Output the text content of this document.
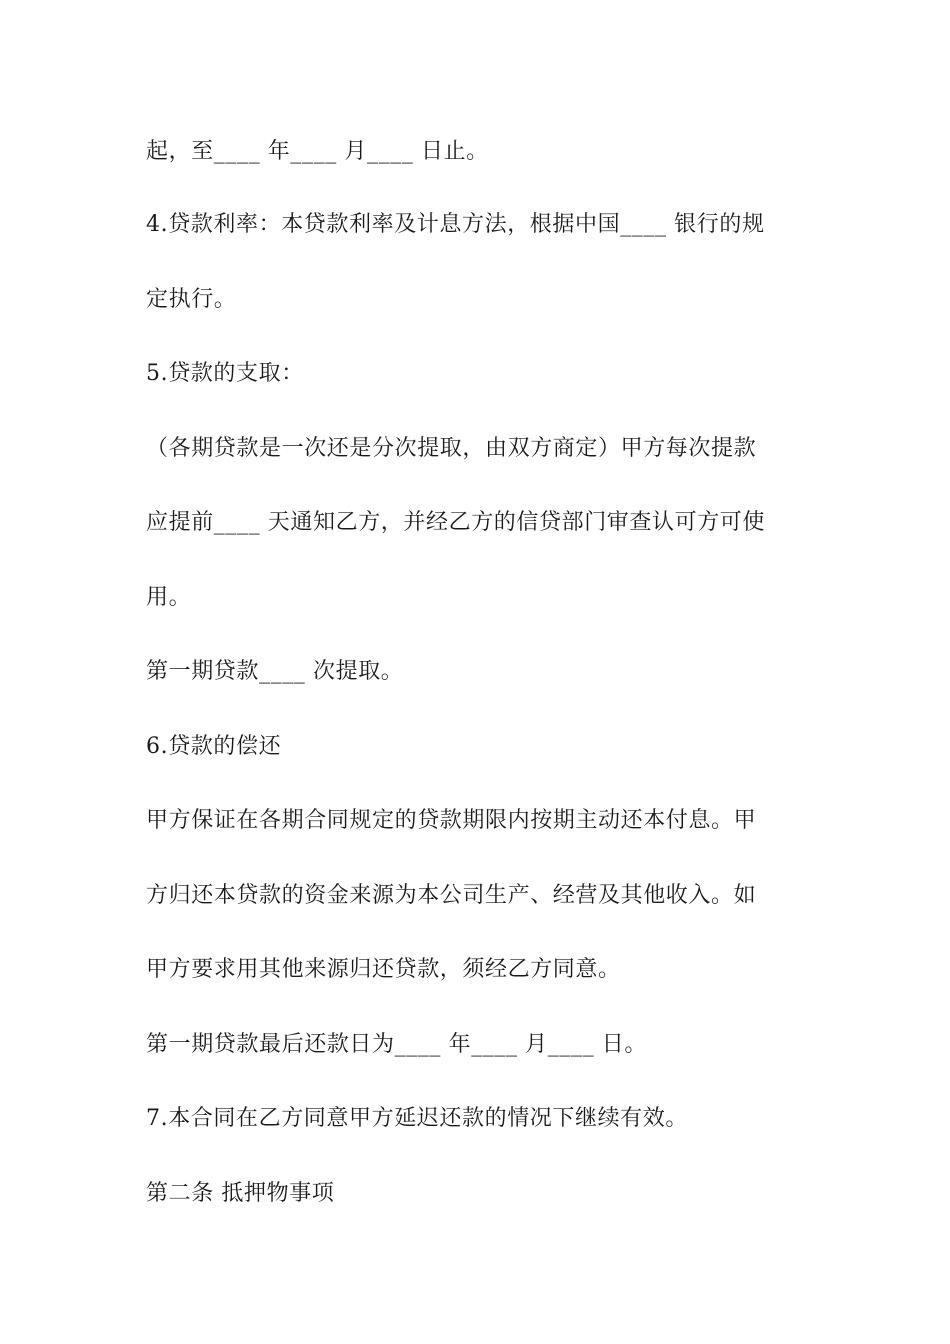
起，至____ 年____ 月____ 日止。
4.贷款利率：本贷款利率及计息方法，根据中国____ 银行的规
定执行。
5.贷款的支取：
（各期贷款是一次还是分次提取，由双方商定）甲方每次提款
应提前____ 天通知乙方，并经乙方的信贷部门审查认可方可使
用。
第一期贷款____ 次提取。
6.贷款的偿还
甲方保证在各期合同规定的贷款期限内按期主动还本付息。甲
方归还本贷款的资金来源为本公司生产、经营及其他收入。如
甲方要求用其他来源归还贷款，须经乙方同意。
第一期贷款最后还款日为____ 年____ 月____ 日。
7.本合同在乙方同意甲方延迟还款的情况下继续有效。
第二条 抵押物事项
